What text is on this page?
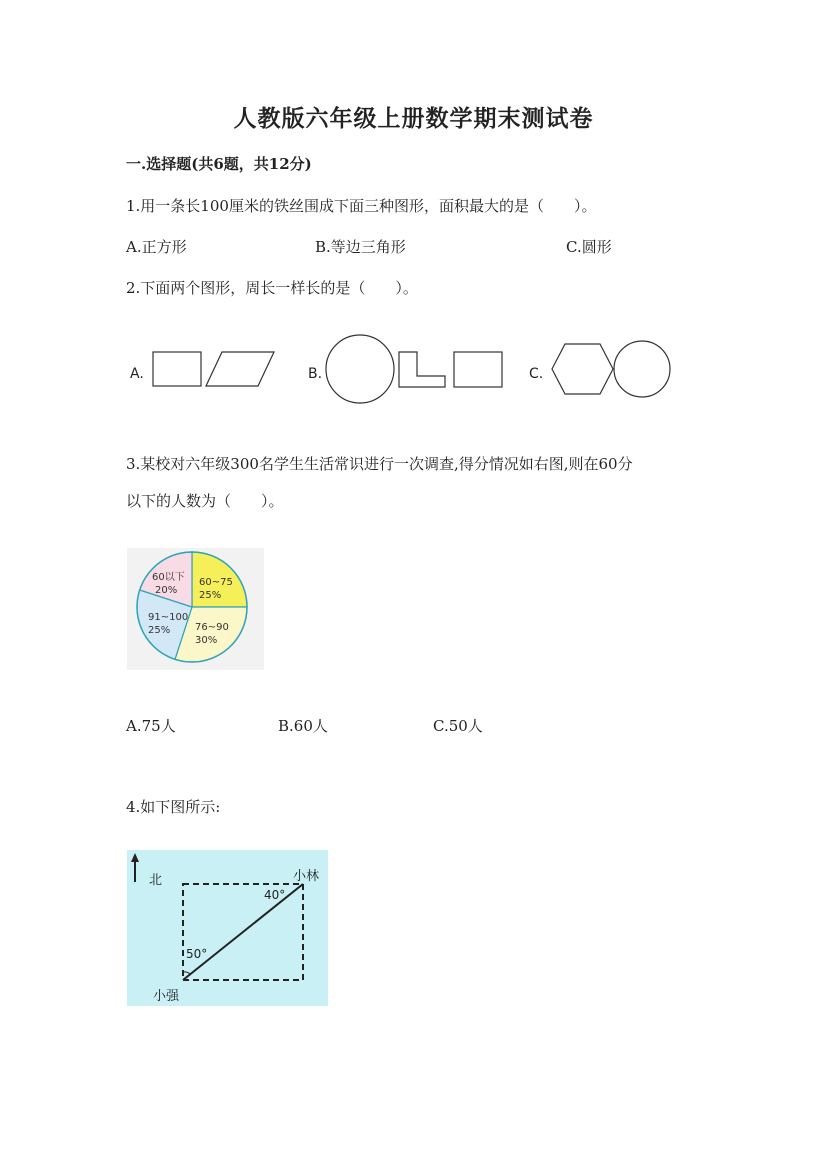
人教版六年级上册数学期末测试卷
一.选择题(共6题，共12分)
1.用一条长100厘米的铁丝围成下面三种图形，面积最大的是（　　）。
A.正方形	B.等边三角形	C.圆形
2.下面两个图形，周长一样长的是（　　）。
A.	B.	C.
3.某校对六年级300名学生生活常识进行一次调查,得分情况如右图,则在60分
以下的人数为（　　）。
60~75
25%
76~90
30%
91~100
25%
60以下
20%
A.75人	B.60人	C.50人
4.如下图所示:
北	小林
40°
50°
小强
